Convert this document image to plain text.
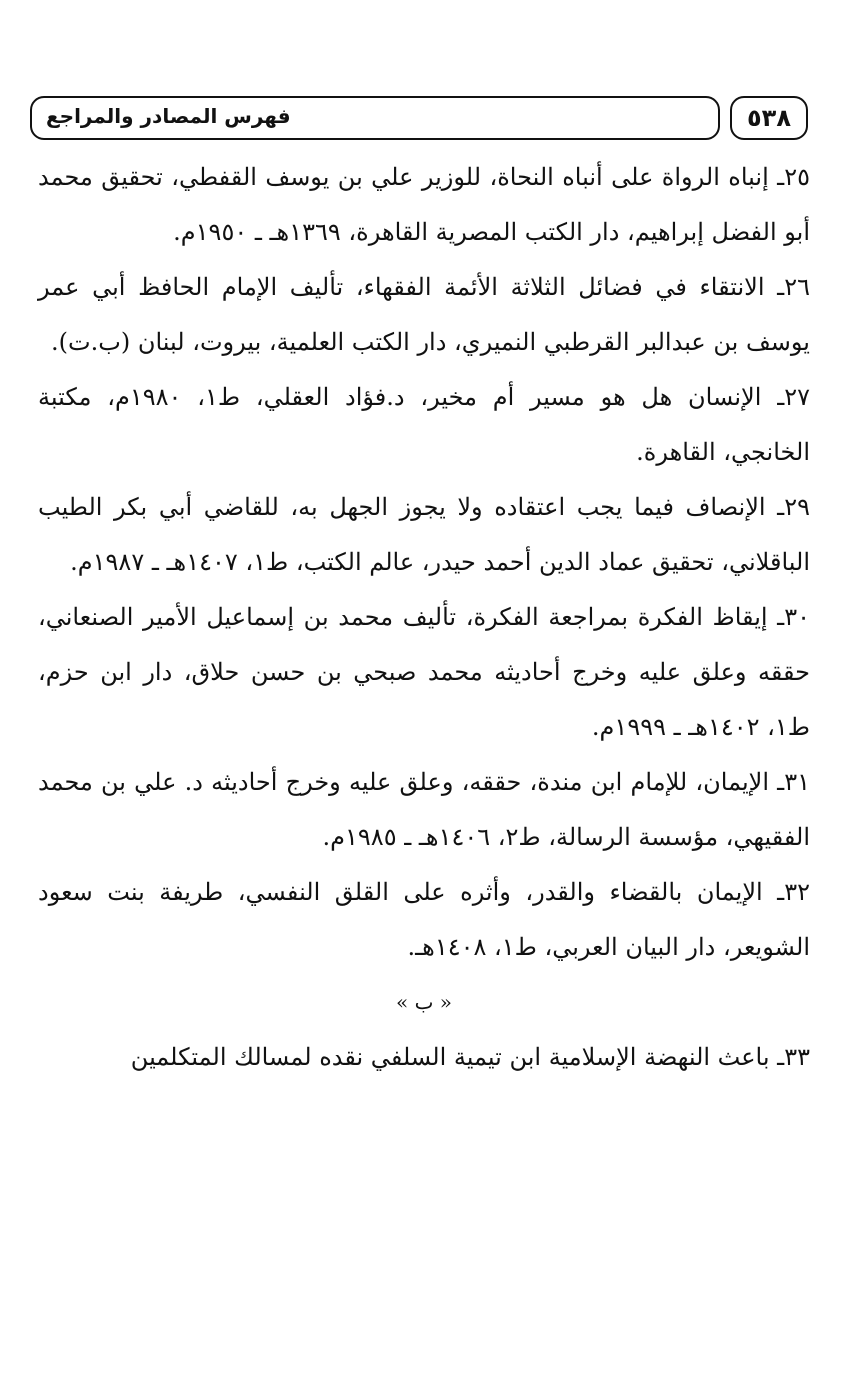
فهرس المصادر والمراجع	٥٣٨

٢٥ـ إنباه الرواة على أنباه النحاة، للوزير علي بن يوسف القفطي، تحقيق محمد أبو الفضل إبراهيم، دار الكتب المصرية القاهرة، ١٣٦٩هـ ـ ١٩٥٠م.

٢٦ـ الانتقاء في فضائل الثلاثة الأئمة الفقهاء، تأليف الإمام الحافظ أبي عمر يوسف بن عبدالبر القرطبي النميري، دار الكتب العلمية، بيروت، لبنان (ب.ت).

٢٧ـ الإنسان هل هو مسير أم مخير، د.فؤاد العقلي، ط١، ١٩٨٠م، مكتبة الخانجي، القاهرة.

٢٩ـ الإنصاف فيما يجب اعتقاده ولا يجوز الجهل به، للقاضي أبي بكر الطيب الباقلاني، تحقيق عماد الدين أحمد حيدر، عالم الكتب، ط١، ١٤٠٧هـ ـ ١٩٨٧م.

٣٠ـ إيقاظ الفكرة بمراجعة الفكرة، تأليف محمد بن إسماعيل الأمير الصنعاني، حققه وعلق عليه وخرج أحاديثه محمد صبحي بن حسن حلاق، دار ابن حزم، ط١، ١٤٠٢هـ ـ ١٩٩٩م.

٣١ـ الإيمان، للإمام ابن مندة، حققه، وعلق عليه وخرج أحاديثه د. علي بن محمد الفقيهي، مؤسسة الرسالة، ط٢، ١٤٠٦هـ ـ ١٩٨٥م.

٣٢ـ الإيمان بالقضاء والقدر، وأثره على القلق النفسي، طريفة بنت سعود الشويعر، دار البيان العربي، ط١، ١٤٠٨هـ.

« ب »

٣٣ـ باعث النهضة الإسلامية ابن تيمية السلفي نقده لمسالك المتكلمين
